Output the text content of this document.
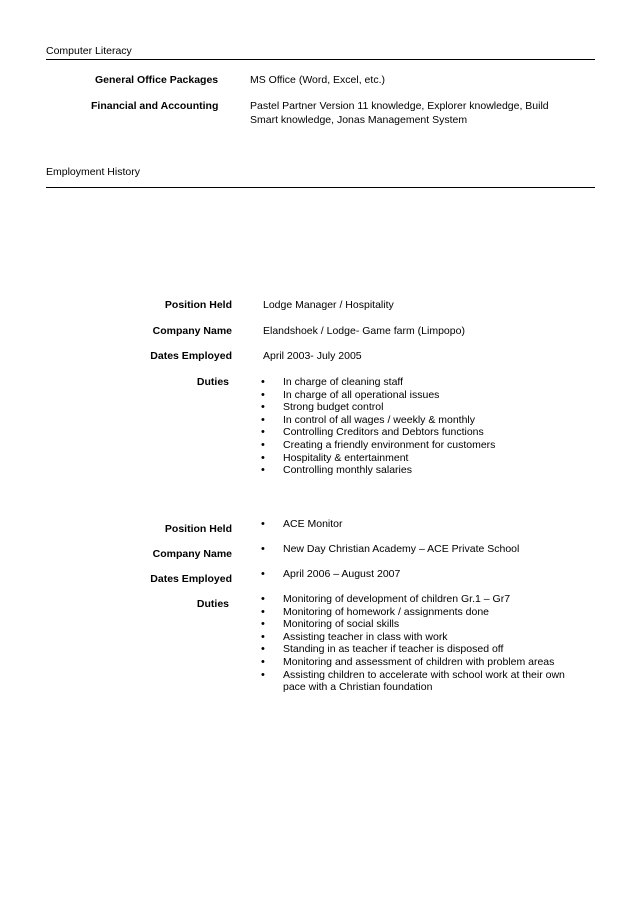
Computer Literacy
General Office Packages	MS Office (Word, Excel, etc.)
Financial and Accounting	Pastel Partner Version 11 knowledge, Explorer knowledge, Build
Smart knowledge, Jonas Management System
Employment History
Position Held	Lodge Manager / Hospitality
Company Name	Elandshoek / Lodge- Game farm (Limpopo)
Dates Employed	April 2003- July 2005
Duties	• In charge of cleaning staff
• In charge of all operational issues
• Strong budget control
• In control of all wages / weekly & monthly
• Controlling Creditors and Debtors functions
• Creating a friendly environment for customers
• Hospitality & entertainment
• Controlling monthly salaries
Position Held	• ACE Monitor
Company Name	• New Day Christian Academy – ACE Private School
Dates Employed	• April 2006 – August 2007
Duties	• Monitoring of development of children Gr.1 – Gr7
• Monitoring of homework / assignments done
• Monitoring of social skills
• Assisting teacher in class with work
• Standing in as teacher if teacher is disposed off
• Monitoring and assessment of children with problem areas
• Assisting children to accelerate with school work at their own pace with a Christian foundation
